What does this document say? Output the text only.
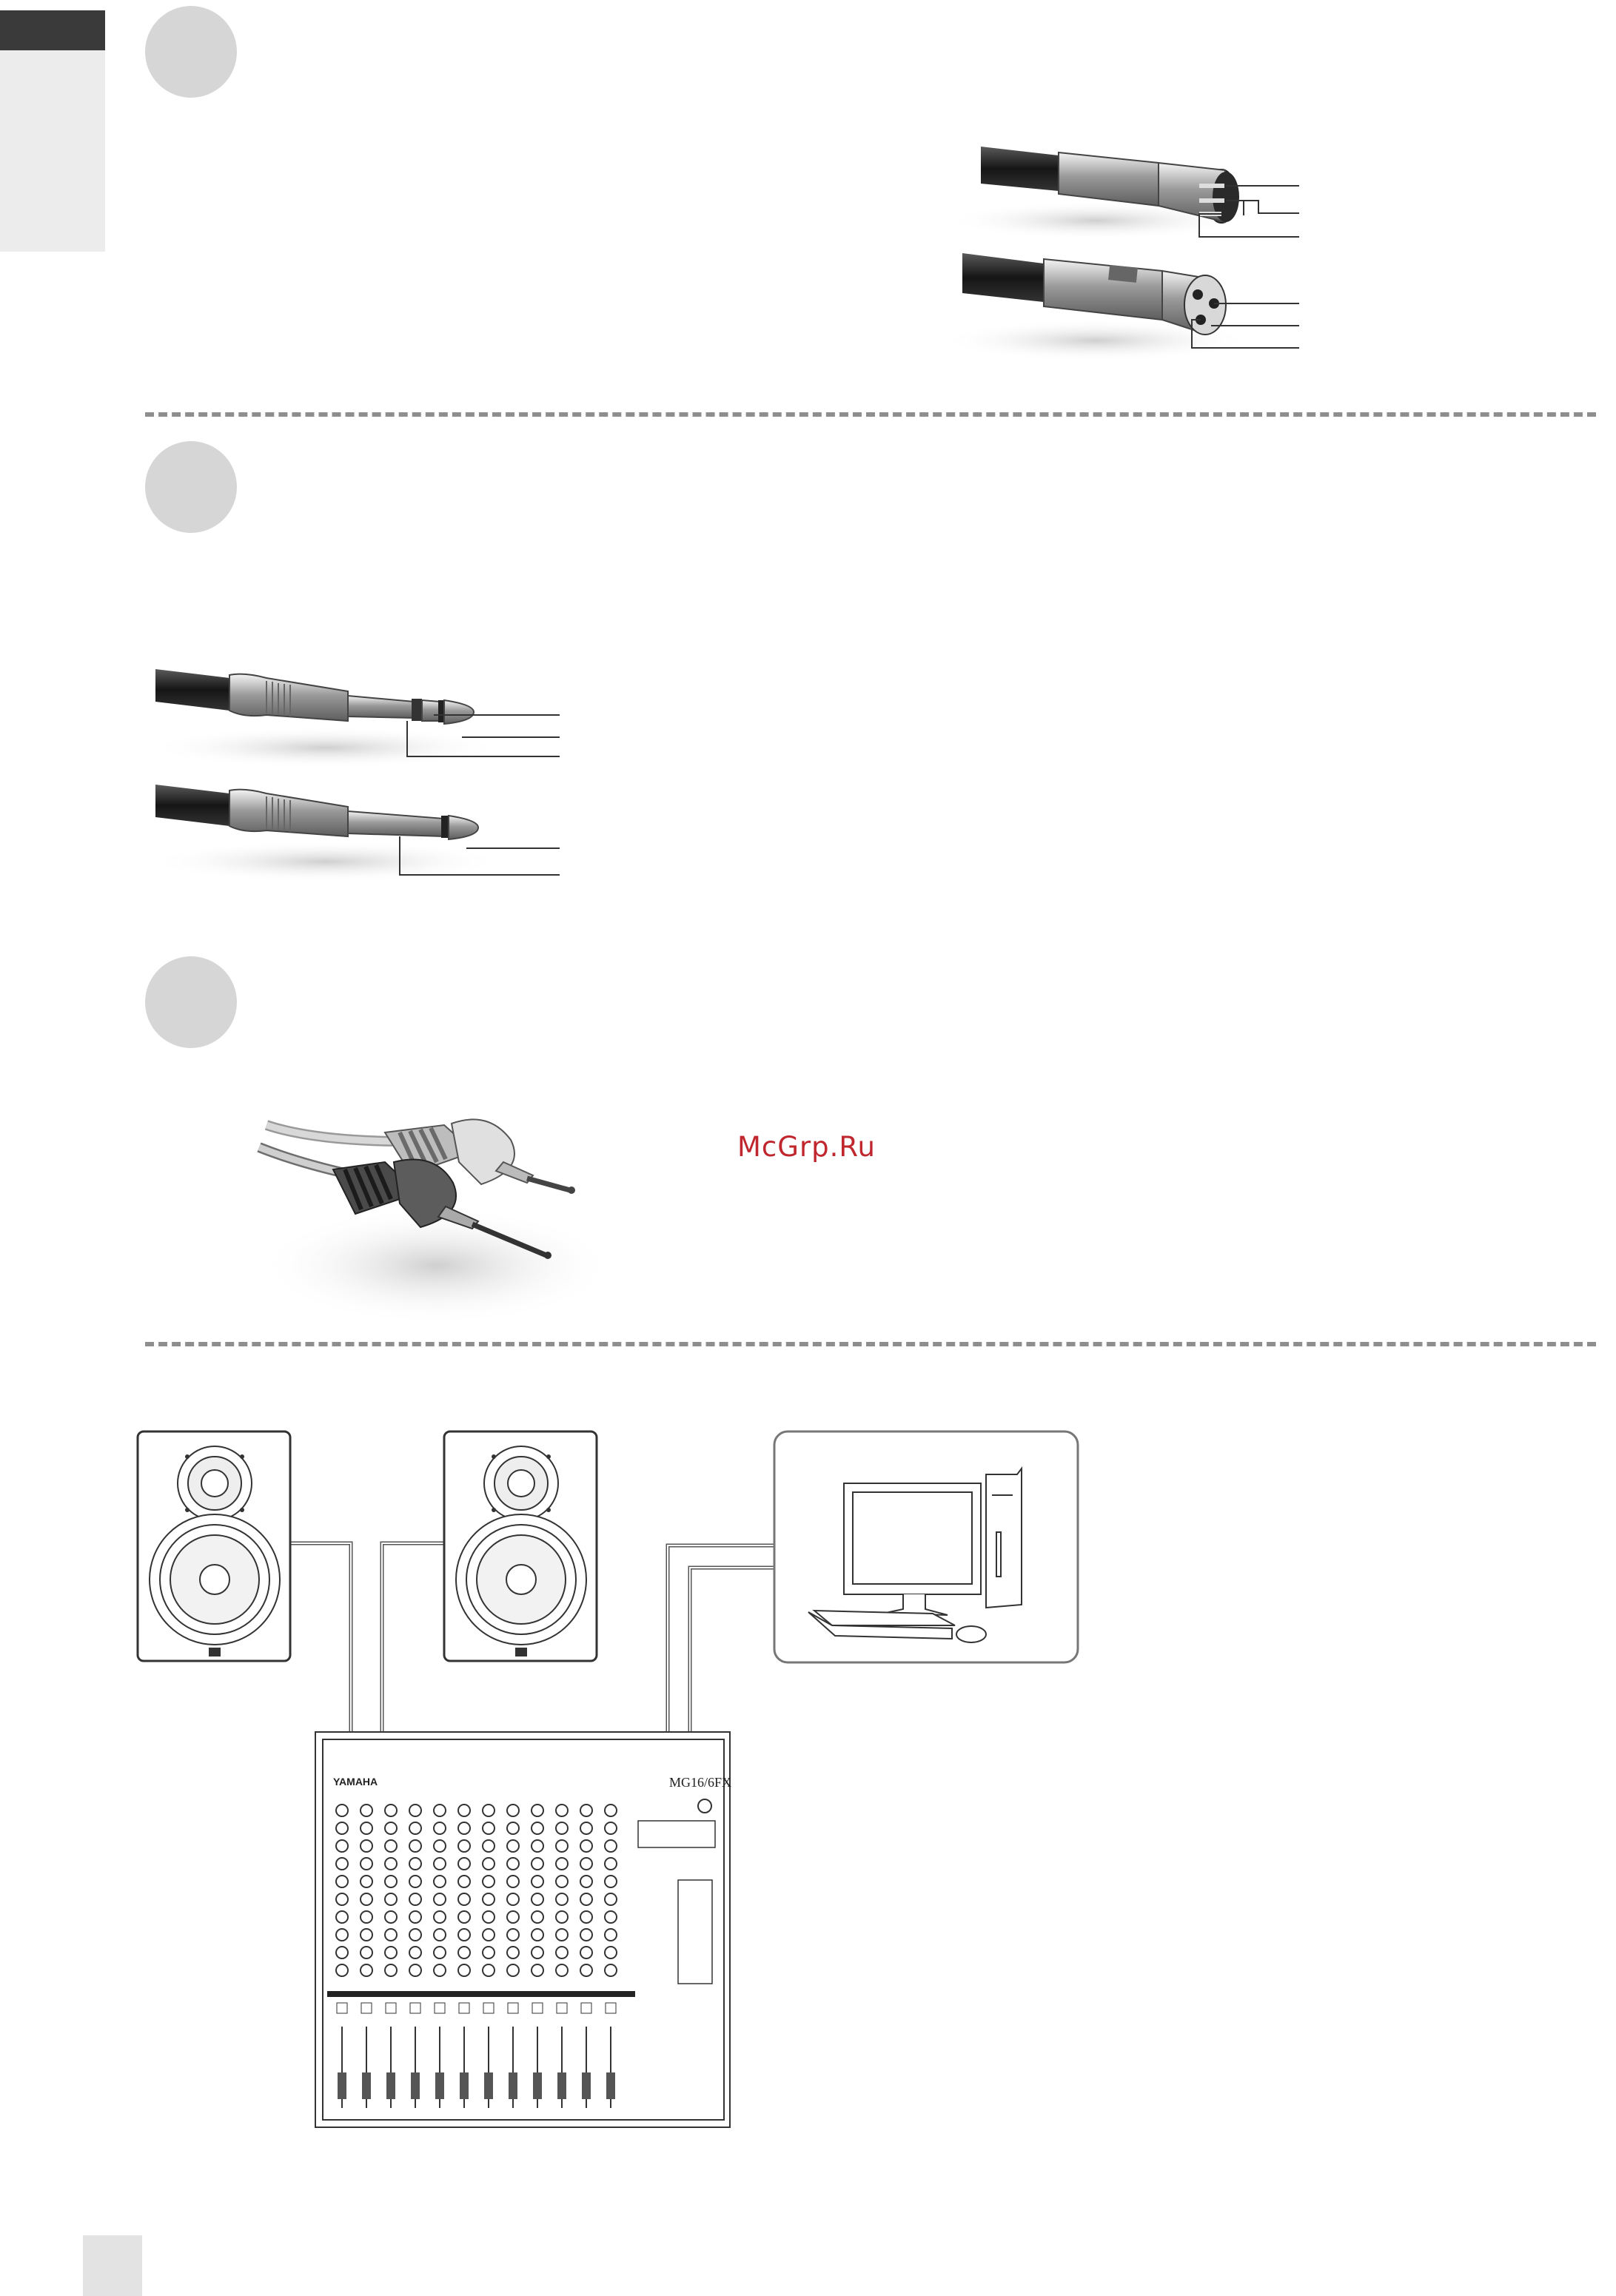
McGrp.Ru
YAMAHA	MG16/6FX
